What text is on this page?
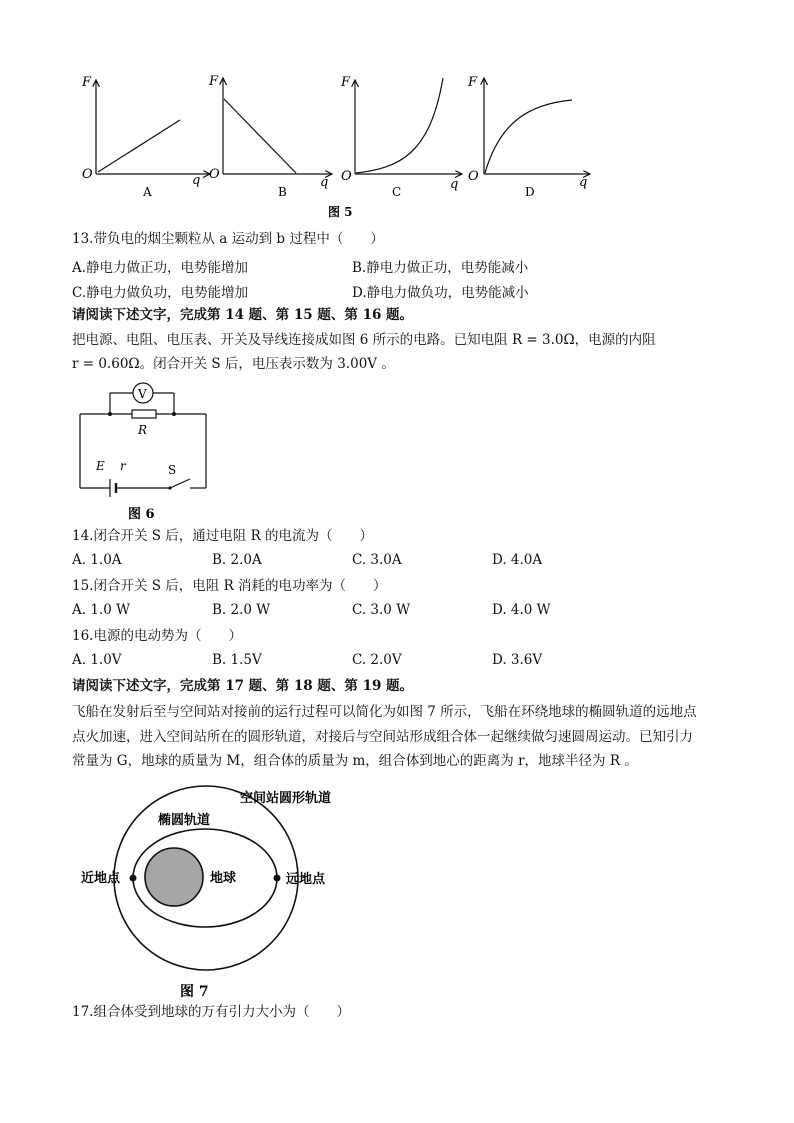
F
O	q
A
F
O
q
B
F
O
q
C
F
O	q
D
图 5
13.带负电的烟尘颗粒从 a 运动到 b 过程中（　　）
A.静电力做正功，电势能增加	B.静电力做正功，电势能减小
C.静电力做负功，电势能增加	D.静电力做负功，电势能减小
请阅读下述文字，完成第 14 题、第 15 题、第 16 题。
把电源、电阻、电压表、开关及导线连接成如图 6 所示的电路。已知电阻 R = 3.0Ω，电源的内阻
r = 0.60Ω。闭合开关 S 后，电压表示数为 3.00V 。
V
R
E r	S
图 6
14.闭合开关 S 后，通过电阻 R 的电流为（　　）
A. 1.0A	B. 2.0A	C. 3.0A	D. 4.0A
15.闭合开关 S 后，电阻 R 消耗的电功率为（　　）
A. 1.0 W	B. 2.0 W	C. 3.0 W	D. 4.0 W
16.电源的电动势为（　　）
A. 1.0V	B. 1.5V	C. 2.0V	D. 3.6V
请阅读下述文字，完成第 17 题、第 18 题、第 19 题。
飞船在发射后至与空间站对接前的运行过程可以简化为如图 7 所示，飞船在环绕地球的椭圆轨道的远地点
点火加速，进入空间站所在的圆形轨道，对接后与空间站形成组合体一起继续做匀速圆周运动。已知引力
常量为 G，地球的质量为 M，组合体的质量为 m，组合体到地心的距离为 r，地球半径为 R 。
空间站圆形轨道
椭圆轨道
近地点	地球	远地点
图 7
17.组合体受到地球的万有引力大小为（　　）
